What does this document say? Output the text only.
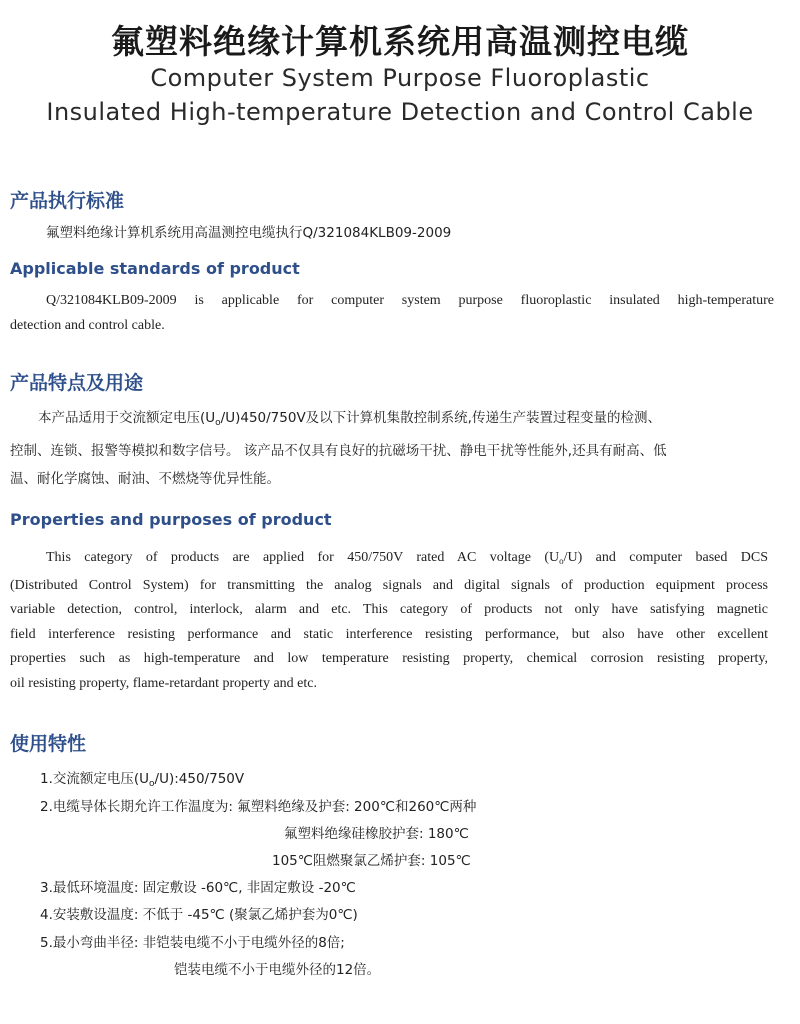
氟塑料绝缘计算机系统用高温测控电缆
Computer System Purpose Fluoroplastic
Insulated High-temperature Detection and Control Cable
产品执行标准

氟塑料绝缘计算机系统用高温测控电缆执行Q/321084KLB09-2009

Applicable standards of product

Q/321084KLB09-2009 is applicable for computer system purpose fluoroplastic insulated high-temperature
detection and control cable.

产品特点及用途

本产品适用于交流额定电压$(U_o/U)450/750V$及以下计算机集散控制系统,传递生产装置过程变量的检测、
控制、连锁、报警等模拟和数字信号。 该产品不仅具有良好的抗磁场干扰、静电干扰等性能外,还具有耐高、低
温、耐化学腐蚀、耐油、不燃烧等优异性能。

Properties and purposes of product

This category of products are applied for 450/750V rated AC voltage $(U_o/U)$ and computer based DCS
(Distributed Control System) for transmitting the analog signals and digital signals of production equipment process
variable detection, control, interlock, alarm and etc. This category of products not only have satisfying magnetic
field interference resisting performance and static interference resisting performance, but also have other excellent
properties such as high-temperature and low temperature resisting property, chemical corrosion resisting property,
oil resisting property, flame-retardant property and etc.

使用特性
1.交流额定电压$(U_o/U):450/750V$
2.电缆导体长期允许工作温度为: 氟塑料绝缘及护套: 200℃和260℃两种
氟塑料绝缘硅橡胶护套: 180℃
105℃阻燃聚氯乙烯护套: 105℃
3.最低环境温度: 固定敷设 -60℃, 非固定敷设 -20℃
4.安装敷设温度: 不低于 -45℃ (聚氯乙烯护套为0℃)
5.最小弯曲半径: 非铠装电缆不小于电缆外径的8倍;
铠装电缆不小于电缆外径的12倍。
